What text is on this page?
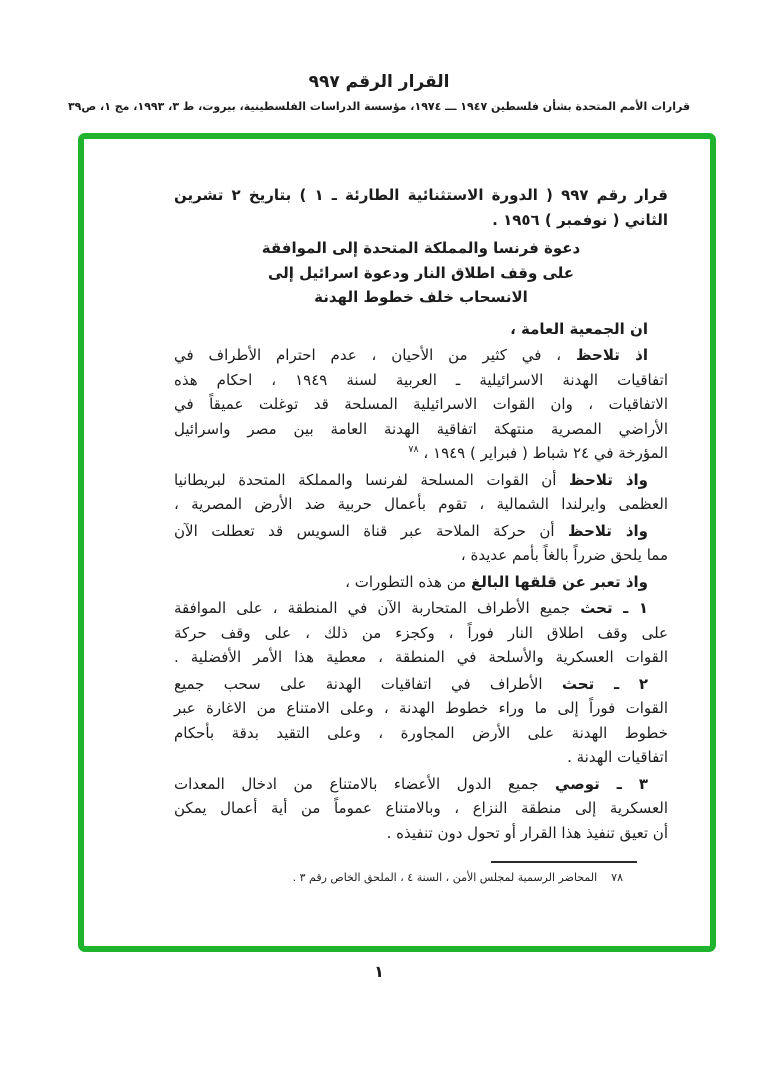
القرار الرقم ٩٩٧
قرارات الأمم المتحدة بشأن فلسطين ١٩٤٧ ـــ ١٩٧٤، مؤسسة الدراسات الفلسطينية، بيروت، ط ٣، ١٩٩٣، مج ١، ص٣٩
قرار رقم ٩٩٧ ( الدورة الاستثنائية الطارئة ـ ١ ) بتاريخ ٢ تشرين
الثاني ( نوفمبر ) ١٩٥٦ .
دعوة فرنسا والمملكة المتحدة إلى الموافقة
على وقف اطلاق النار ودعوة اسرائيل إلى
الانسحاب خلف خطوط الهدنة
ان الجمعية العامة ،
اذ تلاحظ ، في كثير من الأحيان ، عدم احترام الأطراف في
اتفاقيات الهدنة الاسرائيلية ـ العربية لسنة ١٩٤٩ ، احكام هذه
الاتفاقيات ، وان القوات الاسرائيلية المسلحة قد توغلت عميقاً في
الأراضي المصرية منتهكة اتفاقية الهدنة العامة بين مصر واسرائيل
المؤرخة في ٢٤ شباط ( فبراير ) ١٩٤٩ ، $^{٧٨}$
واذ تلاحظ أن القوات المسلحة لفرنسا والمملكة المتحدة لبريطانيا
العظمى وايرلندا الشمالية ، تقوم بأعمال حربية ضد الأرض المصرية ،
واذ تلاحظ أن حركة الملاحة عبر قناة السويس قد تعطلت الآن
مما يلحق ضرراً بالغاً بأمم عديدة ،
واذ تعبر عن قلقها البالغ من هذه التطورات ،
١ ـ تحث جميع الأطراف المتحاربة الآن في المنطقة ، على الموافقة
على وقف اطلاق النار فوراً ، وكجزء من ذلك ، على وقف حركة
القوات العسكرية والأسلحة في المنطقة ، معطية هذا الأمر الأفضلية .
٢ ـ تحث الأطراف في اتفاقيات الهدنة على سحب جميع
القوات فوراً إلى ما وراء خطوط الهدنة ، وعلى الامتناع من الاغارة عبر
خطوط الهدنة على الأرض المجاورة ، وعلى التقيد بدقة بأحكام
اتفاقيات الهدنة .
٣ ـ توصي جميع الدول الأعضاء بالامتناع من ادخال المعدات
العسكرية إلى منطقة النزاع ، وبالامتناع عموماً من أية أعمال يمكن
أن تعيق تنفيذ هذا القرار أو تحول دون تنفيذه .
٧٨المحاضر الرسمية لمجلس الأمن ، السنة ٤ ، الملحق الخاص رقم ٣ .
١
